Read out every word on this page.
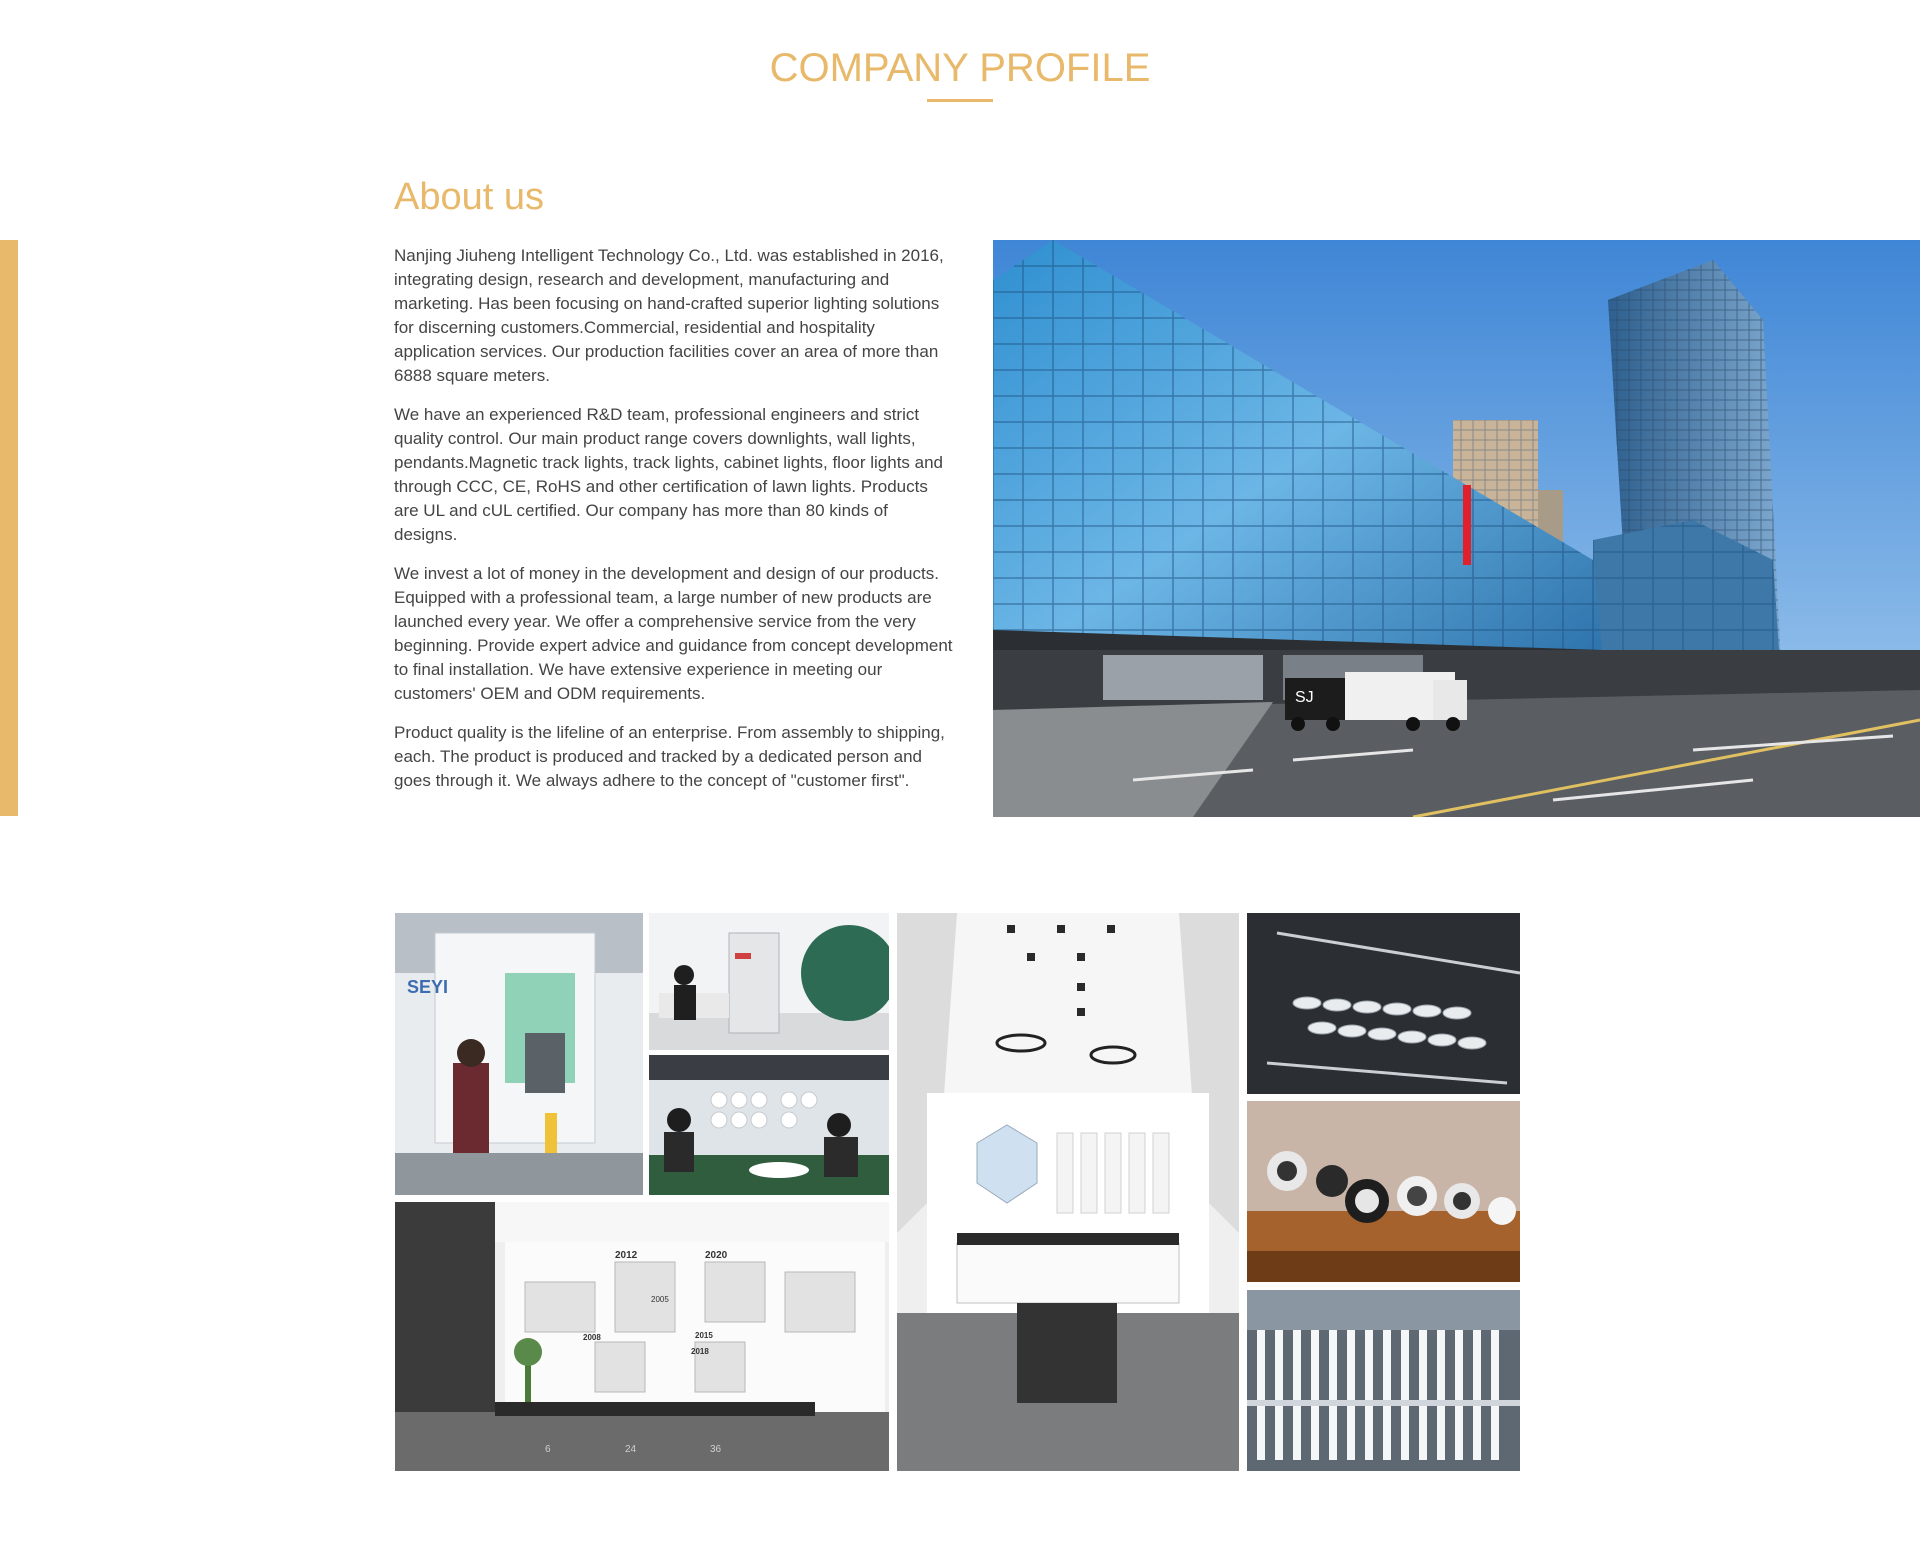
COMPANY PROFILE
About us

Nanjing Jiuheng Intelligent Technology Co., Ltd. was established in 2016, integrating design, research and development, manufacturing and marketing. Has been focusing on hand-crafted superior lighting solutions for discerning customers.Commercial, residential and hospitality application services. Our production facilities cover an area of more than 6888 square meters.

We have an experienced R&D team, professional engineers and strict quality control. Our main product range covers downlights, wall lights, pendants.Magnetic track lights, track lights, cabinet lights, floor lights and through CCC, CE, RoHS and other certification of lawn lights. Products are UL and cUL certified. Our company has more than 80 kinds of designs.

We invest a lot of money in the development and design of our products. Equipped with a professional team, a large number of new products are launched every year. We offer a comprehensive service from the very beginning. Provide expert advice and guidance from concept development to final installation. We have extensive experience in meeting our customers' OEM and ODM requirements.

Product quality is the lifeline of an enterprise. From assembly to shipping, each. The product is produced and tracked by a dedicated person and goes through it. We always adhere to the concept of "customer first".

SJ
SEYI
2012	2020
2005
2008	2015
2018
6	24	36
